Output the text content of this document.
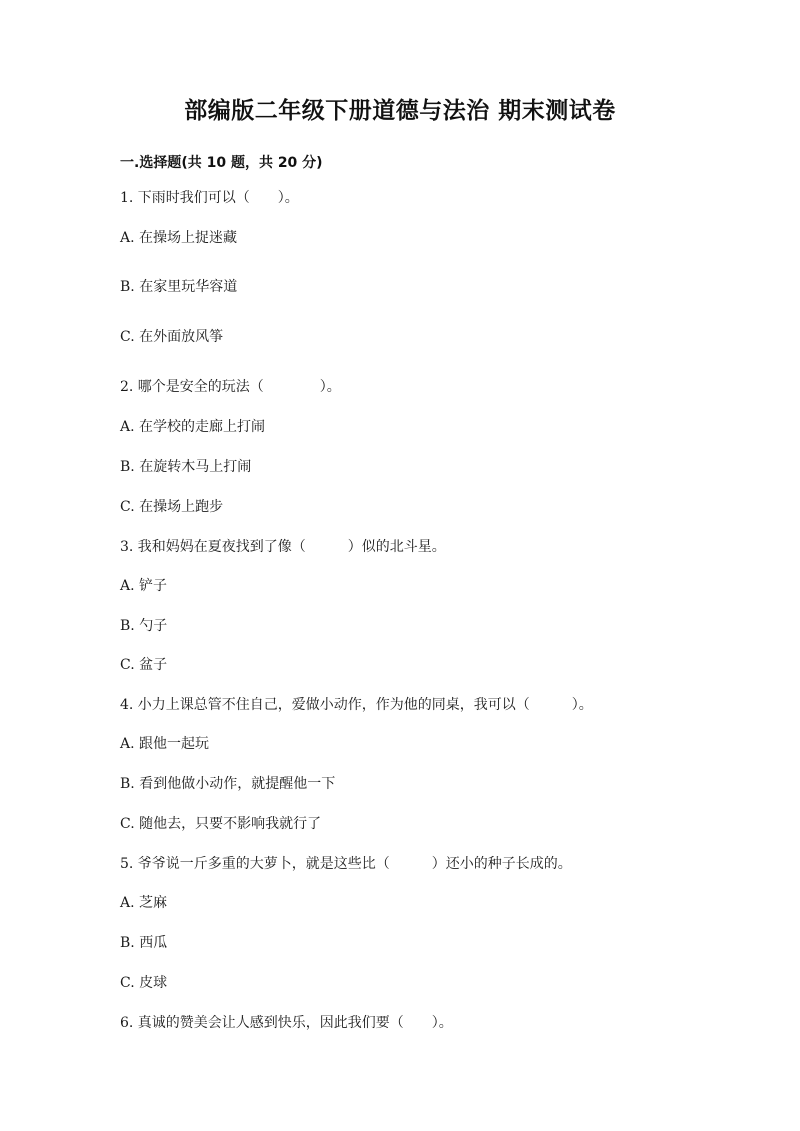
部编版二年级下册道德与法治 期末测试卷
一.选择题(共 10 题，共 20 分)
1. 下雨时我们可以（　　）。
A. 在操场上捉迷藏
B. 在家里玩华容道
C. 在外面放风筝
2. 哪个是安全的玩法（　　　　）。
A. 在学校的走廊上打闹
B. 在旋转木马上打闹
C. 在操场上跑步
3. 我和妈妈在夏夜找到了像（　　　）似的北斗星。
A. 铲子
B. 勺子
C. 盆子
4. 小力上课总管不住自己，爱做小动作，作为他的同桌，我可以（　　　）。
A. 跟他一起玩
B. 看到他做小动作，就提醒他一下
C. 随他去，只要不影响我就行了
5. 爷爷说一斤多重的大萝卜，就是这些比（　　　）还小的种子长成的。
A. 芝麻
B. 西瓜
C. 皮球
6. 真诚的赞美会让人感到快乐，因此我们要（　　）。
